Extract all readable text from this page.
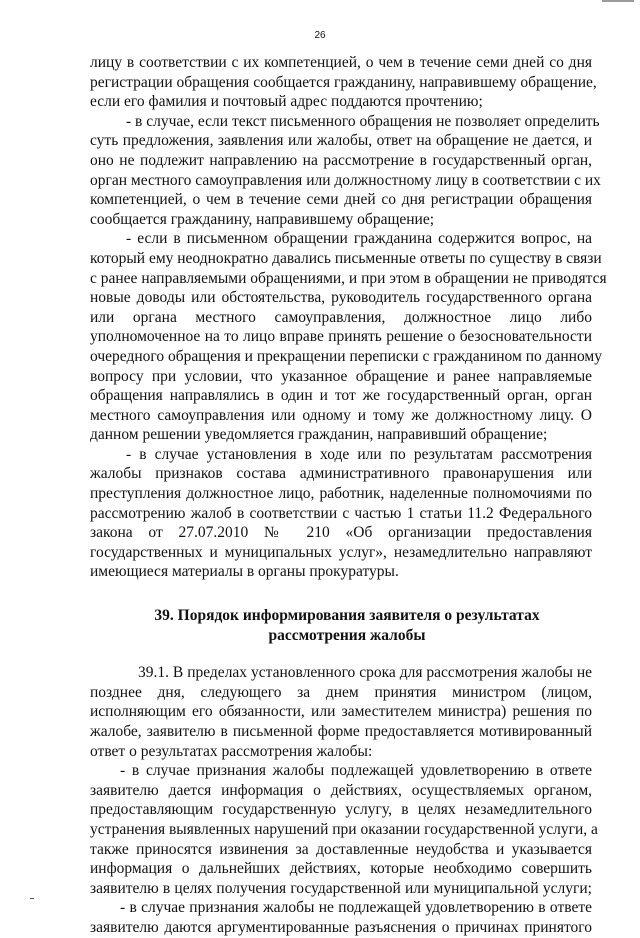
26
лицу в соответствии с их компетенцией, о чем в течение семи дней со дня
регистрации обращения сообщается гражданину, направившему обращение,
если его фамилия и почтовый адрес поддаются прочтению;
- в случае, если текст письменного обращения не позволяет определить
суть предложения, заявления или жалобы, ответ на обращение не дается, и
оно не подлежит направлению на рассмотрение в государственный орган,
орган местного самоуправления или должностному лицу в соответствии с их
компетенцией, о чем в течение семи дней со дня регистрации обращения
сообщается гражданину, направившему обращение;
- если в письменном обращении гражданина содержится вопрос, на
который ему неоднократно давались письменные ответы по существу в связи
с ранее направляемыми обращениями, и при этом в обращении не приводятся
новые доводы или обстоятельства, руководитель государственного органа
или органа местного самоуправления, должностное лицо либо
уполномоченное на то лицо вправе принять решение о безосновательности
очередного обращения и прекращении переписки с гражданином по данному
вопросу при условии, что указанное обращение и ранее направляемые
обращения направлялись в один и тот же государственный орган, орган
местного самоуправления или одному и тому же должностному лицу. О
данном решении уведомляется гражданин, направивший обращение;
- в случае установления в ходе или по результатам рассмотрения
жалобы признаков состава административного правонарушения или
преступления должностное лицо, работник, наделенные полномочиями по
рассмотрению жалоб в соответствии с частью 1 статьи 11.2 Федерального
закона от 27.07.2010 № 210 «Об организации предоставления
государственных и муниципальных услуг», незамедлительно направляют
имеющиеся материалы в органы прокуратуры.
39. Порядок информирования заявителя о результатах
рассмотрения жалобы
39.1. В пределах установленного срока для рассмотрения жалобы не
позднее дня, следующего за днем принятия министром (лицом,
исполняющим его обязанности, или заместителем министра) решения по
жалобе, заявителю в письменной форме предоставляется мотивированный
ответ о результатах рассмотрения жалобы:
- в случае признания жалобы подлежащей удовлетворению в ответе
заявителю дается информация о действиях, осуществляемых органом,
предоставляющим государственную услугу, в целях незамедлительного
устранения выявленных нарушений при оказании государственной услуги, а
также приносятся извинения за доставленные неудобства и указывается
информация о дальнейших действиях, которые необходимо совершить
заявителю в целях получения государственной или муниципальной услуги;
- в случае признания жалобы не подлежащей удовлетворению в ответе
заявителю даются аргументированные разъяснения о причинах принятого
